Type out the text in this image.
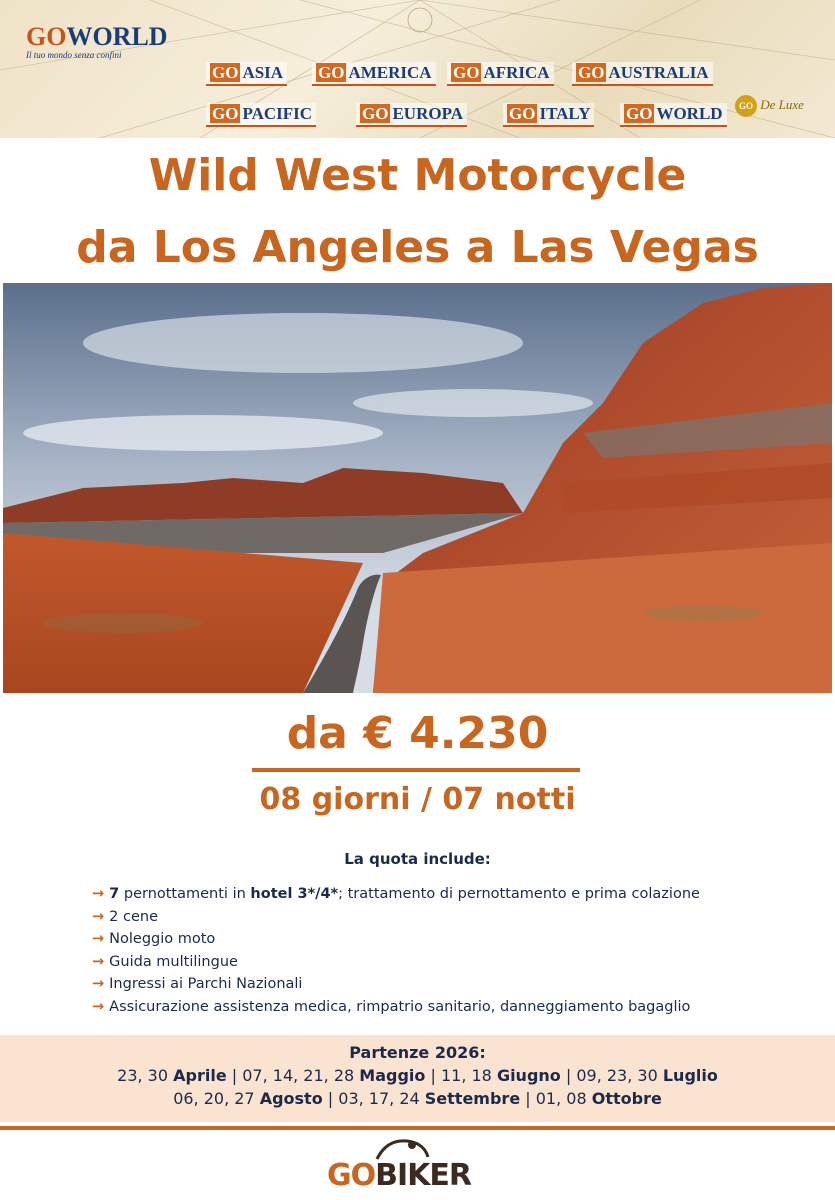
GOWORLD
Il tuo mondo senza confini
GO ASIA	GO AMERICA	GO AFRICA	GO AUSTRALIA
GO PACIFIC	GO EUROPA	GO ITALY	GO WORLD	GO De Luxe
Wild West Motorcycle
da Los Angeles a Las Vegas
da € 4.230
08 giorni / 07 notti
La quota include:
→ 7 pernottamenti in hotel 3*/4*; trattamento di pernottamento e prima colazione
→ 2 cene
→ Noleggio moto
→ Guida multilingue
→ Ingressi ai Parchi Nazionali
→ Assicurazione assistenza medica, rimpatrio sanitario, danneggiamento bagaglio
Partenze 2026:
23, 30 Aprile | 07, 14, 21, 28 Maggio | 11, 18 Giugno | 09, 23, 30 Luglio
06, 20, 27 Agosto | 03, 17, 24 Settembre | 01, 08 Ottobre
GOBIKER
